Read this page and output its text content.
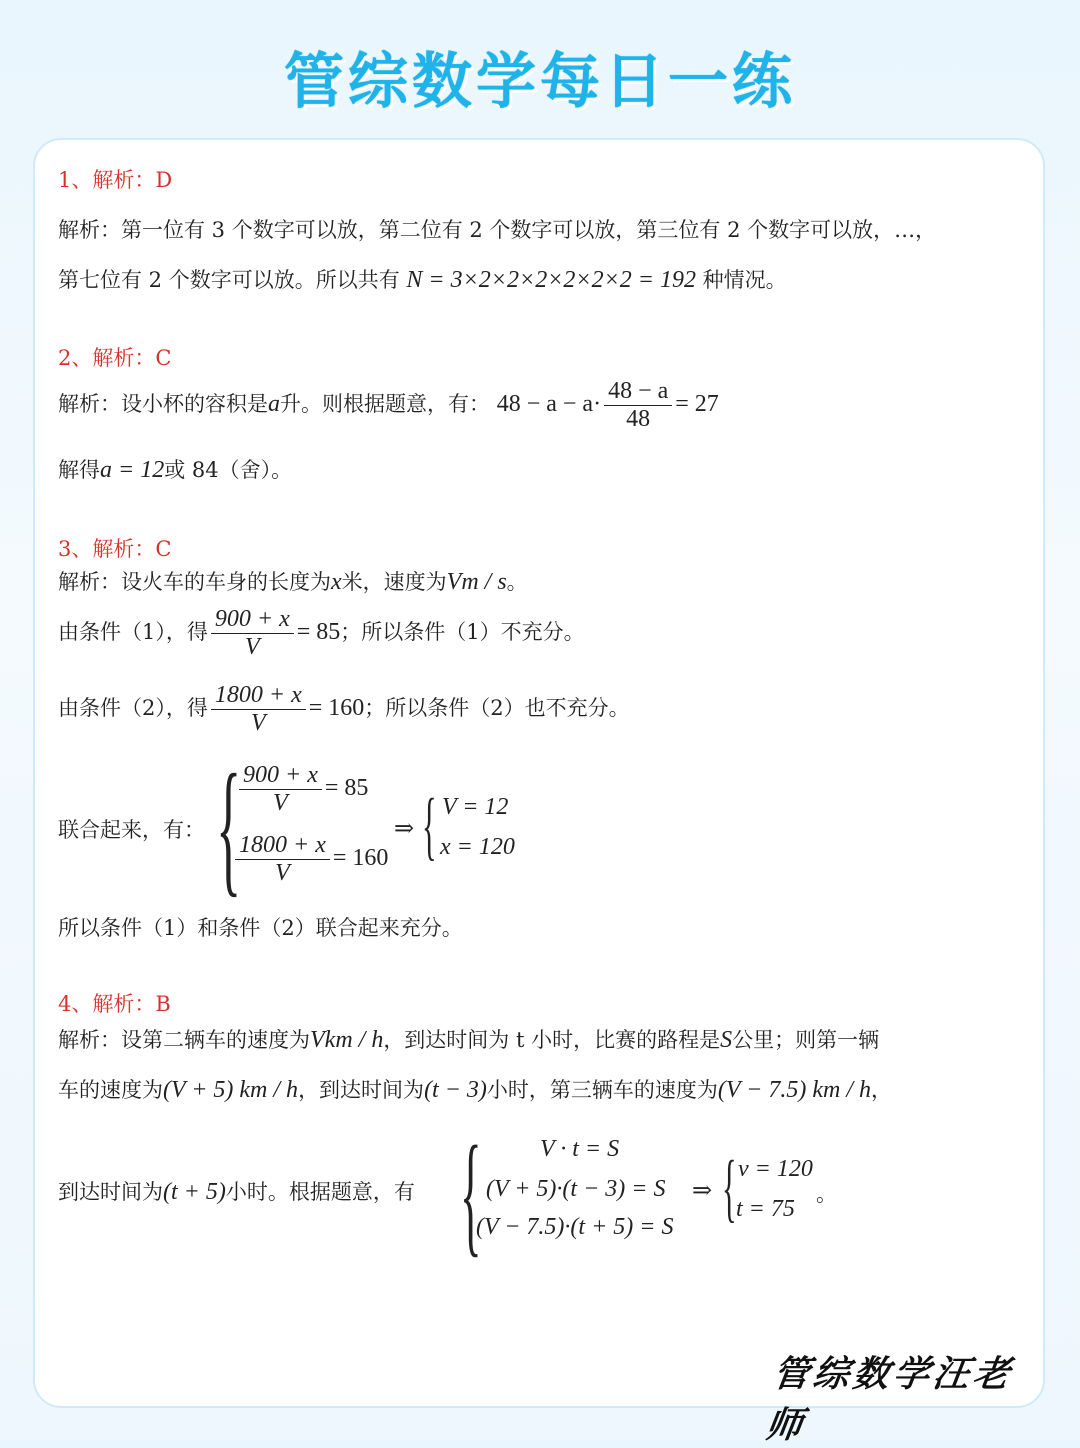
管综数学每日一练
1、解析：D
解析：第一位有 3 个数字可以放，第二位有 2 个数字可以放，第三位有 2 个数字可以放，…，
第七位有 2 个数字可以放。所以共有 N = 3×2×2×2×2×2×2 = 192 种情况。
2、解析：C
解析：设小杯的容积是a升。则根据题意，有： $48 - a - a\cdot \frac{48 - a}{48} = 27$
解得a = 12或 84（舍）。
3、解析：C
解析：设火车的车身的长度为x米，速度为Vm / s。
由条件（1），得 $\frac{900 + x}{V} = 85$；所以条件（1）不充分。
由条件（2），得 $\frac{1800 + x}{V} = 160$；所以条件（2）也不充分。
联合起来，有： {
$\frac{900 + x}{V} = 85$
$\frac{1800 + x}{V} = 160$
⇒ { V = 12
x = 120
所以条件（1）和条件（2）联合起来充分。
4、解析：B
解析：设第二辆车的速度为Vkm / h，到达时间为 t 小时，比赛的路程是S公里；则第一辆
车的速度为(V + 5) km / h，到达时间为(t − 3)小时，第三辆车的速度为(V − 7.5) km / h，
到达时间为(t + 5)小时。根据题意，有 { V · t = S
(V + 5)·(t − 3) = S
(V − 7.5)·(t + 5) = S
⇒ { v = 120
t = 75
。
管综数学汪老师
